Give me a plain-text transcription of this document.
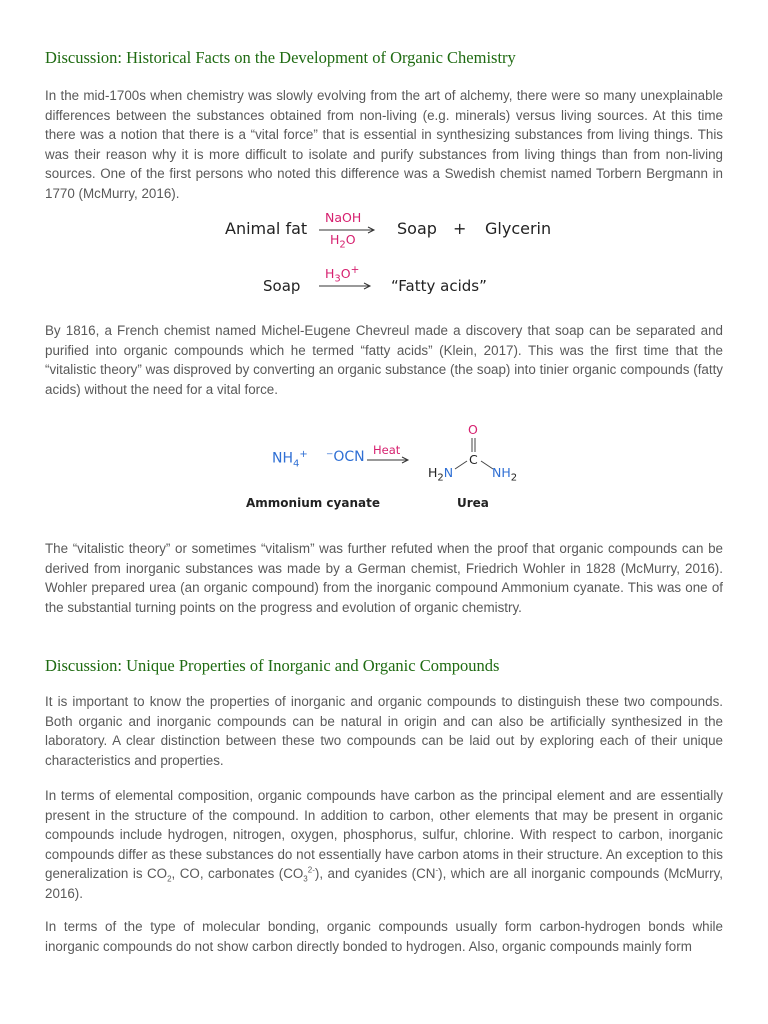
Discussion: Historical Facts on the Development of Organic Chemistry

In the mid-1700s when chemistry was slowly evolving from the art of alchemy, there were so many unexplainable differences between the substances obtained from non-living (e.g. minerals) versus living sources. At this time there was a notion that there is a “vital force” that is essential in synthesizing substances from living things. This was their reason why it is more difficult to isolate and purify substances from living things than from non-living sources. One of the first persons who noted this difference was a Swedish chemist named Torbern Bergmann in 1770 (McMurry, 2016).

Animal fat
NaOH
$H_2O$
Soap + Glycerin
Soap
$H_3O^+$
→ “Fatty acids”

By 1816, a French chemist named Michel-Eugene Chevreul made a discovery that soap can be separated and purified into organic compounds which he termed “fatty acids” (Klein, 2017). This was the first time that the “vitalistic theory” was disproved by converting an organic substance (the soap) into tinier organic compounds (fatty acids) without the need for a vital force.

$NH_4^+$ ⁻OCN Heat
O
C
$H_2N$	$NH_2$
Ammonium cyanate	Urea

The “vitalistic theory” or sometimes “vitalism” was further refuted when the proof that organic compounds can be derived from inorganic substances was made by a German chemist, Friedrich Wohler in 1828 (McMurry, 2016). Wohler prepared urea (an organic compound) from the inorganic compound Ammonium cyanate. This was one of the substantial turning points on the progress and evolution of organic chemistry.

Discussion: Unique Properties of Inorganic and Organic Compounds

It is important to know the properties of inorganic and organic compounds to distinguish these two compounds. Both organic and inorganic compounds can be natural in origin and can also be artificially synthesized in the laboratory. A clear distinction between these two compounds can be laid out by exploring each of their unique characteristics and properties.

In terms of elemental composition, organic compounds have carbon as the principal element and are essentially present in the structure of the compound. In addition to carbon, other elements that may be present in organic compounds include hydrogen, nitrogen, oxygen, phosphorus, sulfur, chlorine. With respect to carbon, inorganic compounds differ as these substances do not essentially have carbon atoms in their structure. An exception to this generalization is $CO_2$, CO, carbonates $(CO_3^{2-})$, and cyanides (CN-), which are all inorganic compounds (McMurry, 2016).

In terms of the type of molecular bonding, organic compounds usually form carbon-hydrogen bonds while inorganic compounds do not show carbon directly bonded to hydrogen. Also, organic compounds mainly form
